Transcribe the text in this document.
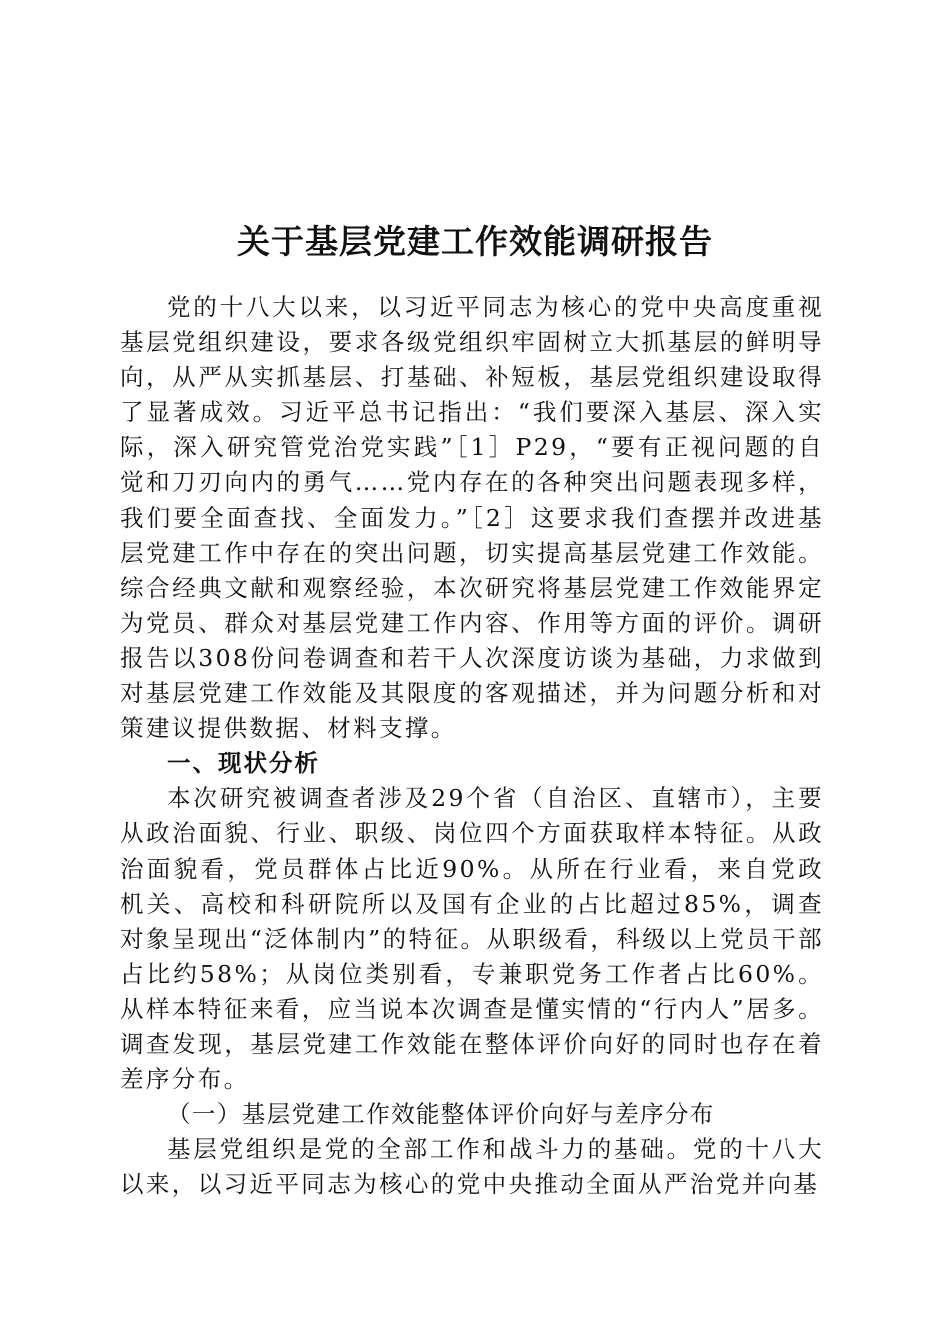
关于基层党建工作效能调研报告

党的十八大以来，以习近平同志为核心的党中央高度重视基层党组织建设，要求各级党组织牢固树立大抓基层的鲜明导向，从严从实抓基层、打基础、补短板，基层党组织建设取得了显著成效。习近平总书记指出：“我们要深入基层、深入实际，深入研究管党治党实践”［1］P29，“要有正视问题的自觉和刀刃向内的勇气……党内存在的各种突出问题表现多样，我们要全面查找、全面发力。”［2］这要求我们查摆并改进基层党建工作中存在的突出问题，切实提高基层党建工作效能。综合经典文献和观察经验，本次研究将基层党建工作效能界定为党员、群众对基层党建工作内容、作用等方面的评价。调研报告以308份问卷调查和若干人次深度访谈为基础，力求做到对基层党建工作效能及其限度的客观描述，并为问题分析和对策建议提供数据、材料支撑。

一、现状分析

本次研究被调查者涉及29个省（自治区、直辖市），主要从政治面貌、行业、职级、岗位四个方面获取样本特征。从政治面貌看，党员群体占比近90%。从所在行业看，来自党政机关、高校和科研院所以及国有企业的占比超过85%，调查对象呈现出“泛体制内”的特征。从职级看，科级以上党员干部占比约58%；从岗位类别看，专兼职党务工作者占比60%。从样本特征来看，应当说本次调查是懂实情的“行内人”居多。调查发现，基层党建工作效能在整体评价向好的同时也存在着差序分布。

（一）基层党建工作效能整体评价向好与差序分布

基层党组织是党的全部工作和战斗力的基础。党的十八大以来，以习近平同志为核心的党中央推动全面从严治党并向基
